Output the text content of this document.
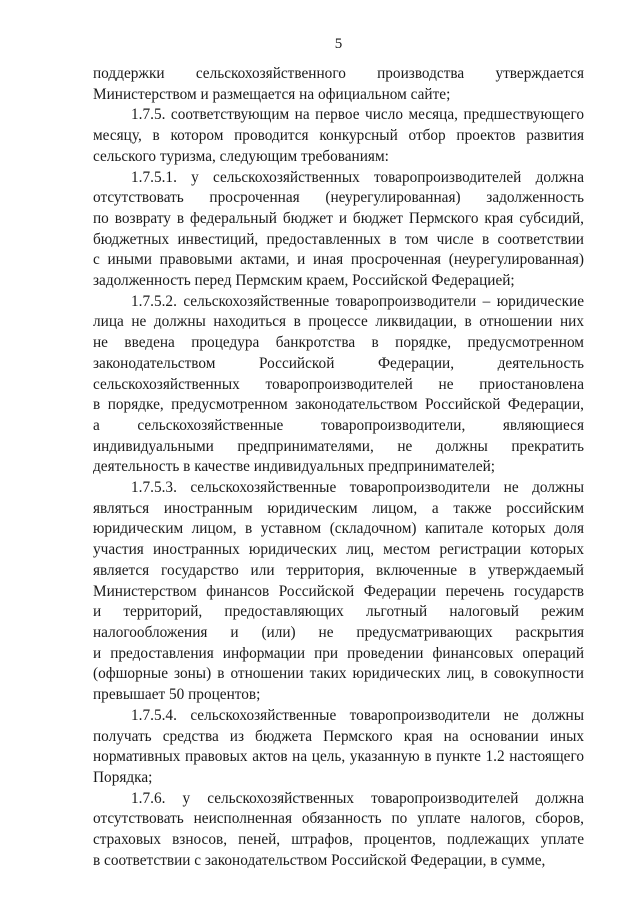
5

поддержки сельскохозяйственного производства утверждается
Министерством и размещается на официальном сайте;

1.7.5. соответствующим на первое число месяца, предшествующего
месяцу, в котором проводится конкурсный отбор проектов развития
сельского туризма, следующим требованиям:

1.7.5.1. у сельскохозяйственных товаропроизводителей должна
отсутствовать просроченная (неурегулированная) задолженность
по возврату в федеральный бюджет и бюджет Пермского края субсидий,
бюджетных инвестиций, предоставленных в том числе в соответствии
с иными правовыми актами, и иная просроченная (неурегулированная)
задолженность перед Пермским краем, Российской Федерацией;

1.7.5.2. сельскохозяйственные товаропроизводители – юридические
лица не должны находиться в процессе ликвидации, в отношении них
не введена процедура банкротства в порядке, предусмотренном
законодательством Российской Федерации, деятельность
сельскохозяйственных товаропроизводителей не приостановлена
в порядке, предусмотренном законодательством Российской Федерации,
а сельскохозяйственные товаропроизводители, являющиеся
индивидуальными предпринимателями, не должны прекратить
деятельность в качестве индивидуальных предпринимателей;

1.7.5.3. сельскохозяйственные товаропроизводители не должны
являться иностранным юридическим лицом, а также российским
юридическим лицом, в уставном (складочном) капитале которых доля
участия иностранных юридических лиц, местом регистрации которых
является государство или территория, включенные в утверждаемый
Министерством финансов Российской Федерации перечень государств
и территорий, предоставляющих льготный налоговый режим
налогообложения и (или) не предусматривающих раскрытия
и предоставления информации при проведении финансовых операций
(офшорные зоны) в отношении таких юридических лиц, в совокупности
превышает 50 процентов;

1.7.5.4. сельскохозяйственные товаропроизводители не должны
получать средства из бюджета Пермского края на основании иных
нормативных правовых актов на цель, указанную в пункте 1.2 настоящего
Порядка;

1.7.6. у сельскохозяйственных товаропроизводителей должна
отсутствовать неисполненная обязанность по уплате налогов, сборов,
страховых взносов, пеней, штрафов, процентов, подлежащих уплате
в соответствии с законодательством Российской Федерации, в сумме,
